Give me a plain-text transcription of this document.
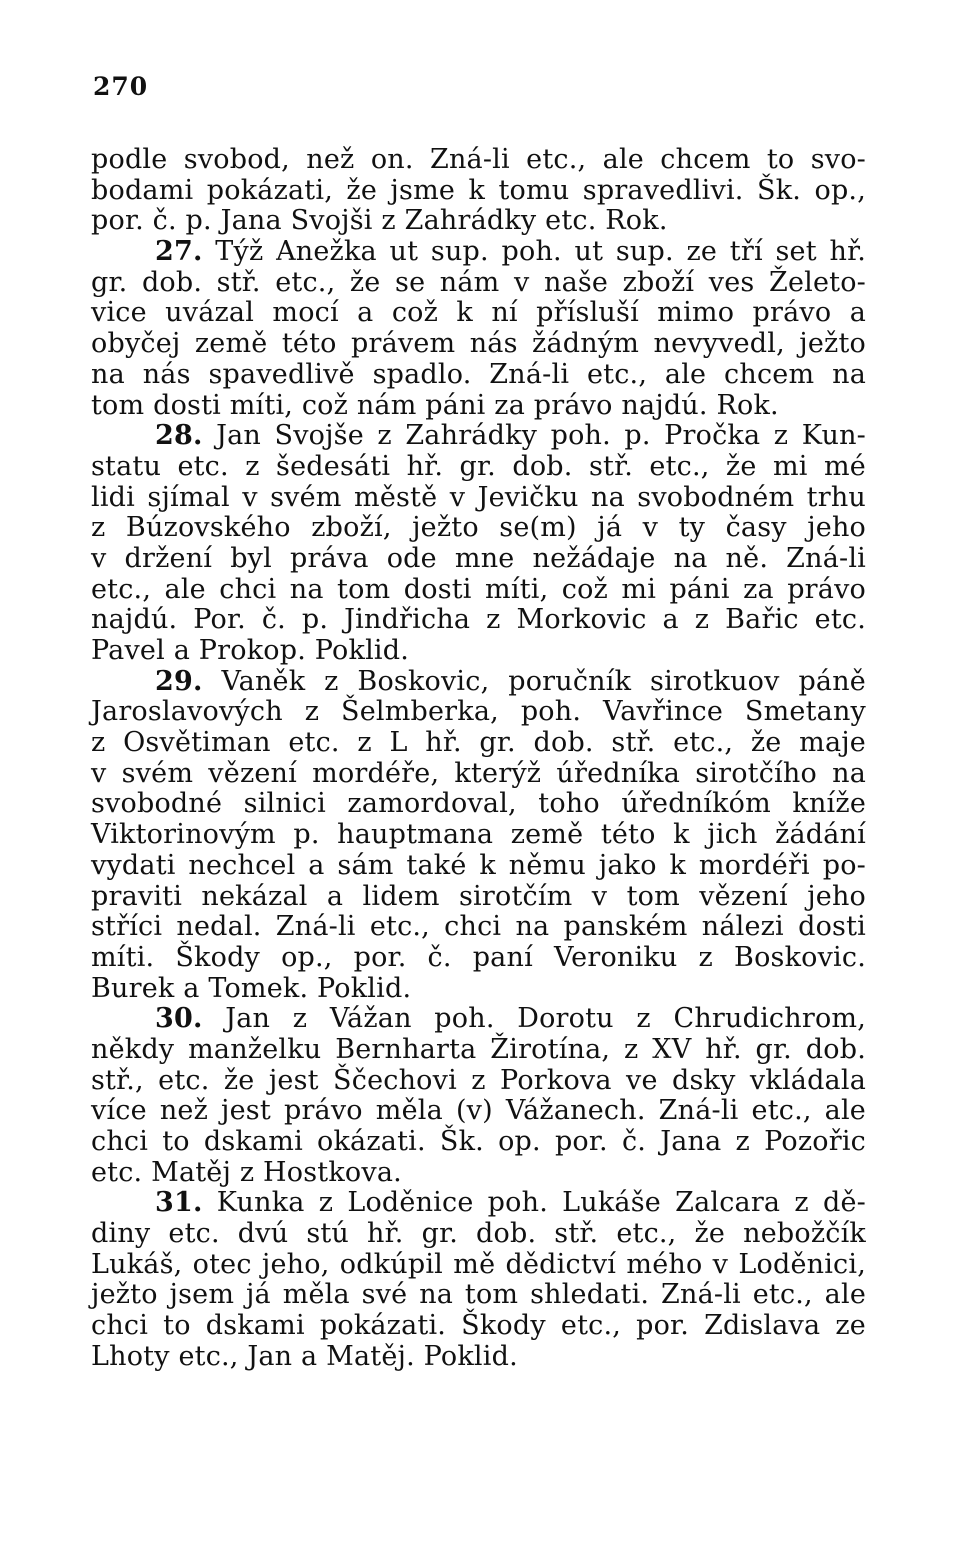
270
podle svobod, než on. Zná-li etc., ale chcem to svo-
bodami pokázati, že jsme k tomu spravedlivi. Šk. op.,
por. č. p. Jana Svojši z Zahrádky etc. Rok.
27. Týž Anežka ut sup. poh. ut sup. ze tří set hř.
gr. dob. stř. etc., že se nám v naše zboží ves Želeto-
vice uvázal mocí a což k ní přísluší mimo právo a
obyčej země této právem nás žádným nevyvedl, ježto
na nás spavedlivě spadlo. Zná-li etc., ale chcem na
tom dosti míti, což nám páni za právo najdú. Rok.
28. Jan Svojše z Zahrádky poh. p. Pročka z Kun-
statu etc. z šedesáti hř. gr. dob. stř. etc., že mi mé
lidi sjímal v svém městě v Jevičku na svobodném trhu
z Búzovského zboží, ježto se(m) já v ty časy jeho
v držení byl práva ode mne nežádaje na ně. Zná-li
etc., ale chci na tom dosti míti, což mi páni za právo
najdú. Por. č. p. Jindřicha z Morkovic a z Bařic etc.
Pavel a Prokop. Poklid.
29. Vaněk z Boskovic, poručník sirotkuov páně
Jaroslavových z Šelmberka, poh. Vavřince Smetany
z Osvětiman etc. z L hř. gr. dob. stř. etc., že maje
v svém vězení mordéře, kterýž úředníka sirotčího na
svobodné silnici zamordoval, toho úředníkóm kníže
Viktorinovým p. hauptmana země této k jich žádání
vydati nechcel a sám také k němu jako k mordéři po-
praviti nekázal a lidem sirotčím v tom vězení jeho
stříci nedal. Zná-li etc., chci na panském nálezi dosti
míti. Škody op., por. č. paní Veroniku z Boskovic.
Burek a Tomek. Poklid.
30. Jan z Vážan poh. Dorotu z Chrudichrom,
někdy manželku Bernharta Žirotína, z XV hř. gr. dob.
stř., etc. že jest Ščechovi z Porkova ve dsky vkládala
více než jest právo měla (v) Vážanech. Zná-li etc., ale
chci to dskami okázati. Šk. op. por. č. Jana z Pozořic
etc. Matěj z Hostkova.
31. Kunka z Loděnice poh. Lukáše Zalcara z dě-
diny etc. dvú stú hř. gr. dob. stř. etc., že nebožčík
Lukáš, otec jeho, odkúpil mě dědictví mého v Loděnici,
ježto jsem já měla své na tom shledati. Zná-li etc., ale
chci to dskami pokázati. Škody etc., por. Zdislava ze
Lhoty etc., Jan a Matěj. Poklid.
